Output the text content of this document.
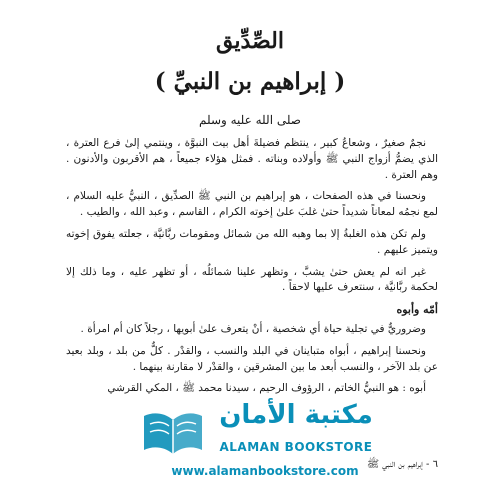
الصِّدِّيق
( إبراهيم بن النبيِّ )
صلى الله عليه وسلم

نجمٌ صغيرٌ ، وشعاعُ كبير ، ينتظم فضيلةَ أهل بيت النبوَّة ، وينتمي إلىٰ فرع العترة ، الذي يضمُّ أزواج النبي ﷺ وأولاده وبناته . فمثل هؤلاء جميعاً ، هم الأقربون والأدنون . وهم العترة .

ونحسنا في هذه الصفحات ، هو إبراهيم بن النبي ﷺ الصدِّيق ، النبيُّ عليه السلام ، لمع نجمُه لمعاناً شديداً حتىٰ غلبَ علىٰ إخوته الكرام ، القاسم ، وعبد الله ، والطيب .

ولم تكن هذه الغلبةُ إلا بما وهبه الله من شمائل ومقومات ربَّانيَّة ، جعلته يفوق إخوته ويتميز عليهم .

غير انه لم يعش حتىٰ يشبَّ ، وتظهر علينا شمائلُه ، أو تظهر عليه ، وما ذلك إلا لحكمة ربَّانيَّة ، سنتعرف عليها لاحقاً .

أمّه وأبوه

وضروريٌّ في تجلية حياة أي شخصية ، أنْ يتعرف علىٰ أبويها ، رجلاً كان أم امرأة .

ونحسنا إبراهيم ، أبواه متباينان في البلد والنسب ، والقدْر . كلٌّ من بلد ، وبلد بعيد عن بلد الآخر ، والنسب أبعد ما بين المشرقين ، والقدْر لا مقارنة بينهما .

أبوه : هو النبيُّ الخاتم ، الرؤوف الرحيم ، سيدنا محمد ﷺ ، المكي القرشي

٦ - إبراهيم بن النبي ﷺ
مكتبة الأمان
ALAMAN BOOKSTORE
www.alamanbookstore.com
